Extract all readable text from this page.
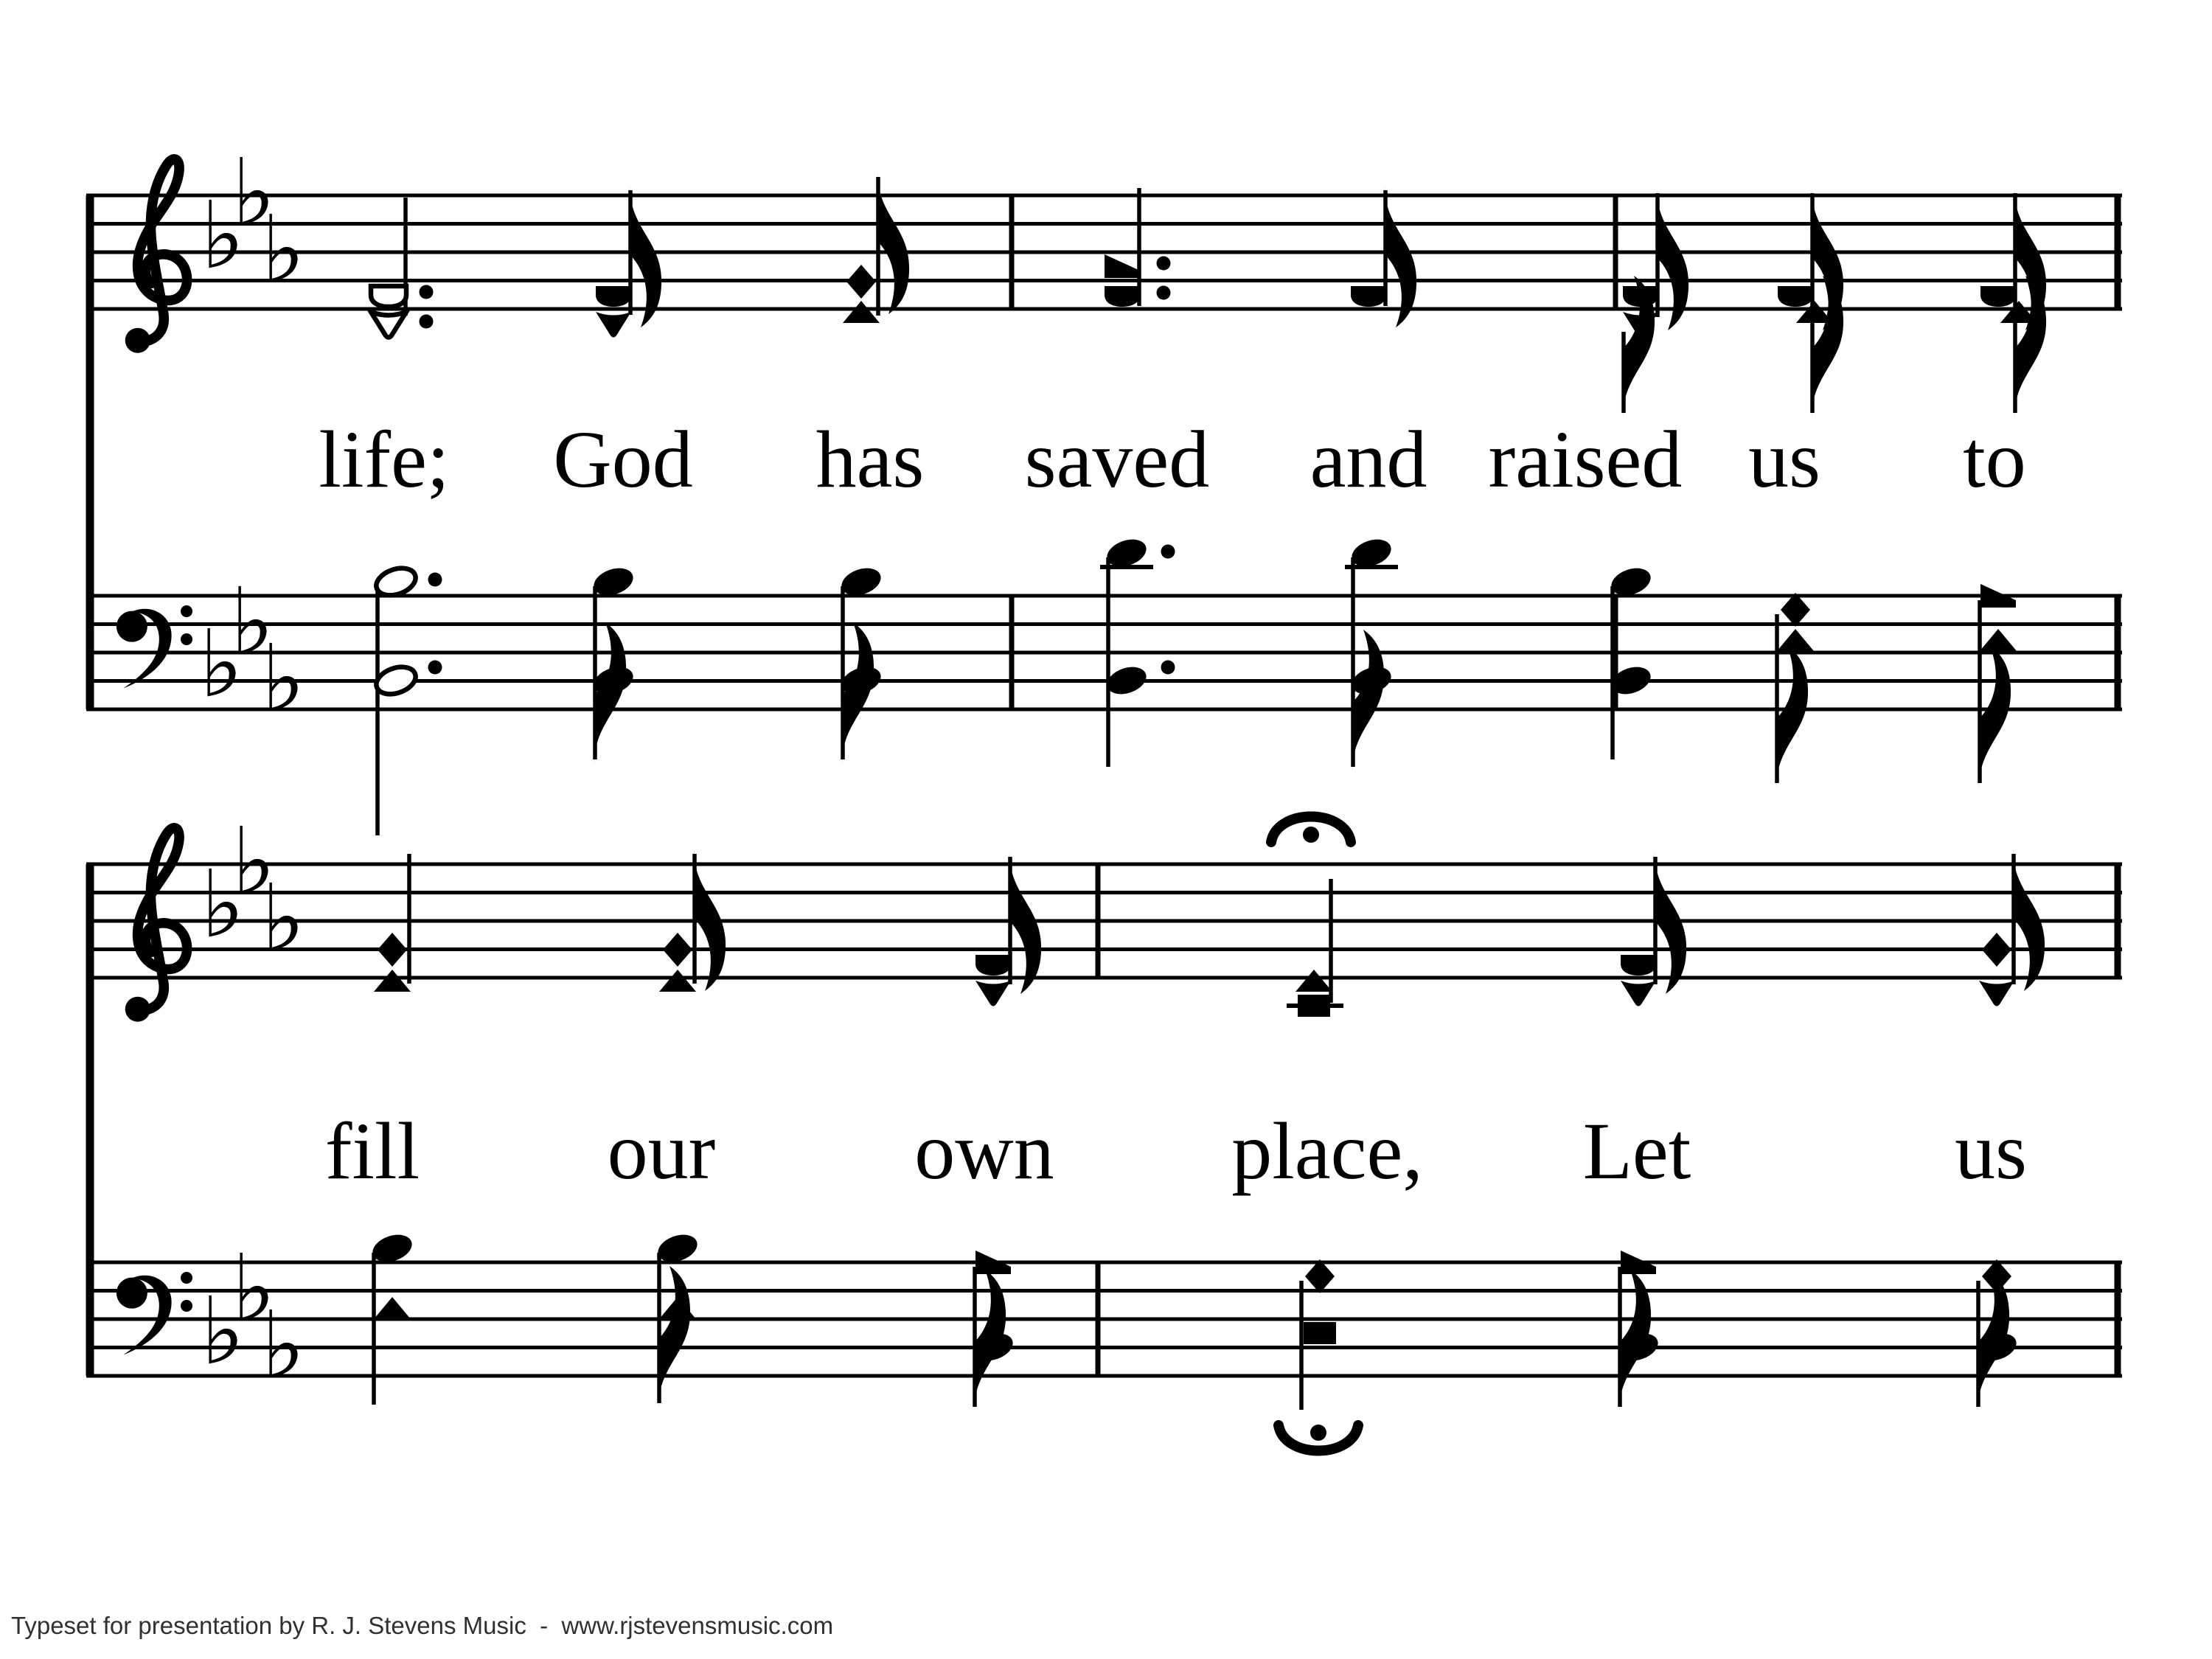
♭
♭
♭
♭
♭
♭
♭
♭
♭
♭
♭
♭
life; God has saved and raised us to
fill our own place, Let	us
Typeset for presentation by R. J. Stevens Music  -  www.rjstevensmusic.com
